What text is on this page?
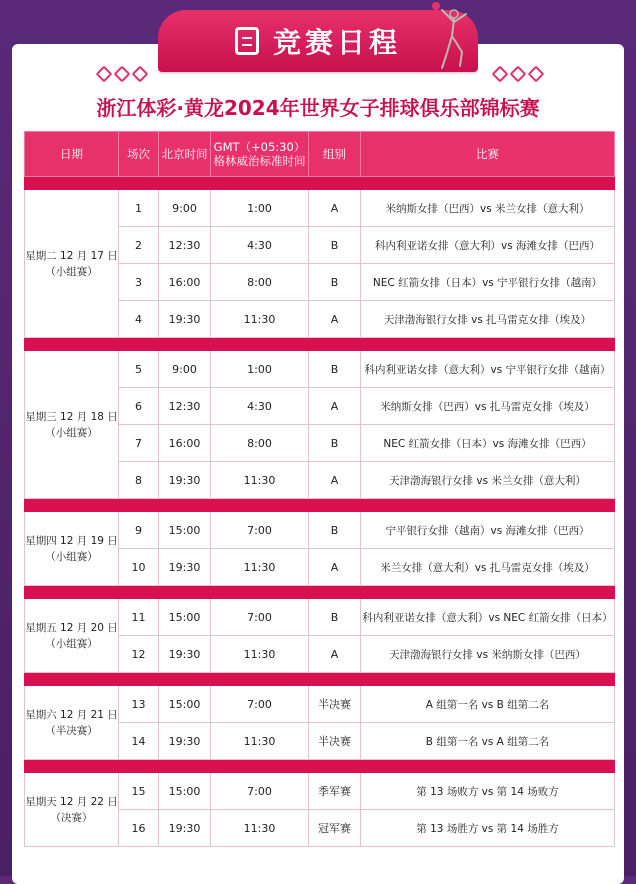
竞赛日程
浙江体彩·黄龙2024年世界女子排球俱乐部锦标赛
日期	场次	北京时间	GMT（+05:30）
格林威治标准时间	组别	比赛

星期二 12 月 17 日
（小组赛）	1	9:00	1:00	A	米纳斯女排（巴西）vs 米兰女排（意大利）
	2	12:30	4:30	B	科内利亚诺女排（意大利）vs 海滩女排（巴西）
	3	16:00	8:00	B	NEC 红箭女排（日本）vs 宁平银行女排（越南）
	4	19:30	11:30	A	天津渤海银行女排 vs 扎马雷克女排（埃及）

星期三 12 月 18 日
（小组赛）	5	9:00	1:00	B	科内利亚诺女排（意大利）vs 宁平银行女排（越南）
	6	12:30	4:30	A	米纳斯女排（巴西）vs 扎马雷克女排（埃及）
	7	16:00	8:00	B	NEC 红箭女排（日本）vs 海滩女排（巴西）
	8	19:30	11:30	A	天津渤海银行女排 vs 米兰女排（意大利）

星期四 12 月 19 日
（小组赛）	9	15:00	7:00	B	宁平银行女排（越南）vs 海滩女排（巴西）
	10	19:30	11:30	A	米兰女排（意大利）vs 扎马雷克女排（埃及）

星期五 12 月 20 日
（小组赛）	11	15:00	7:00	B	科内利亚诺女排（意大利）vs NEC 红箭女排（日本）
	12	19:30	11:30	A	天津渤海银行女排 vs 米纳斯女排（巴西）

星期六 12 月 21 日
（半决赛）	13	15:00	7:00	半决赛	A 组第一名 vs B 组第二名
	14	19:30	11:30	半决赛	B 组第一名 vs A 组第二名

星期天 12 月 22 日
（决赛）	15	15:00	7:00	季军赛	第 13 场败方 vs 第 14 场败方
	16	19:30	11:30	冠军赛	第 13 场胜方 vs 第 14 场胜方
